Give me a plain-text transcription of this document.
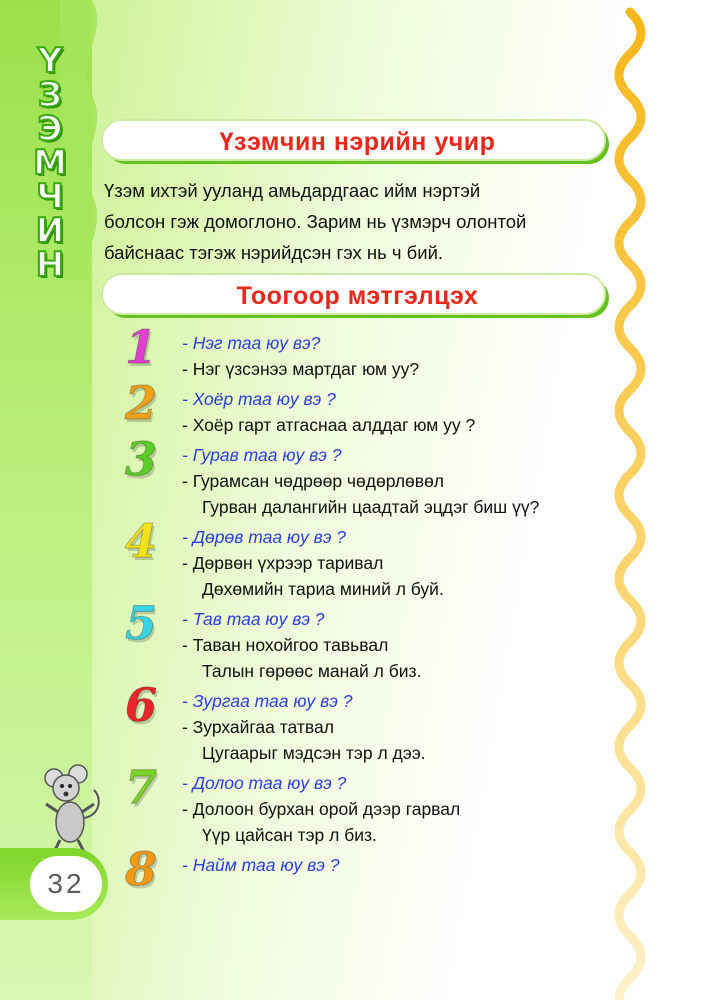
Ү
З
Э
М
Ч
И
Н
Үзэмчин нэрийн учир

Үзэм ихтэй ууланд амьдардгаас ийм нэртэй

болсон гэж домоглоно. Зарим нь үзмэрч олонтой

байснаас тэгэж нэрийдсэн гэх нь ч бий.

Тоогоор мэтгэлцэх
- Нэг таа юу вэ?
- Нэг үзсэнээ мартдаг юм уу?
1
- Хоёр таа юу вэ ?
- Хоёр гарт атгаснаа алддаг юм уу ?
2
- Гурав таа юу вэ ?
- Гурамсан чөдрөөр чөдөрлөвөл
Гурван далангийн цаадтай эцдэг биш үү?
3
- Дөрөв таа юу вэ ?
- Дөрвөн үхрээр таривал
Дөхөмийн тариа миний л буй.
4
- Тав таа юу вэ ?
- Таван нохойгоо тавьвал
Талын гөрөөс манай л биз.
5
- Зургаа таа юу вэ ?
- Зурхайгаа татвал
Цугаарыг мэдсэн тэр л дээ.
6
- Долоо таа юу вэ ?
- Долоон бурхан орой дээр гарвал
Үүр цайсан тэр л биз.
7
- Найм таа юу вэ ?
8
32
